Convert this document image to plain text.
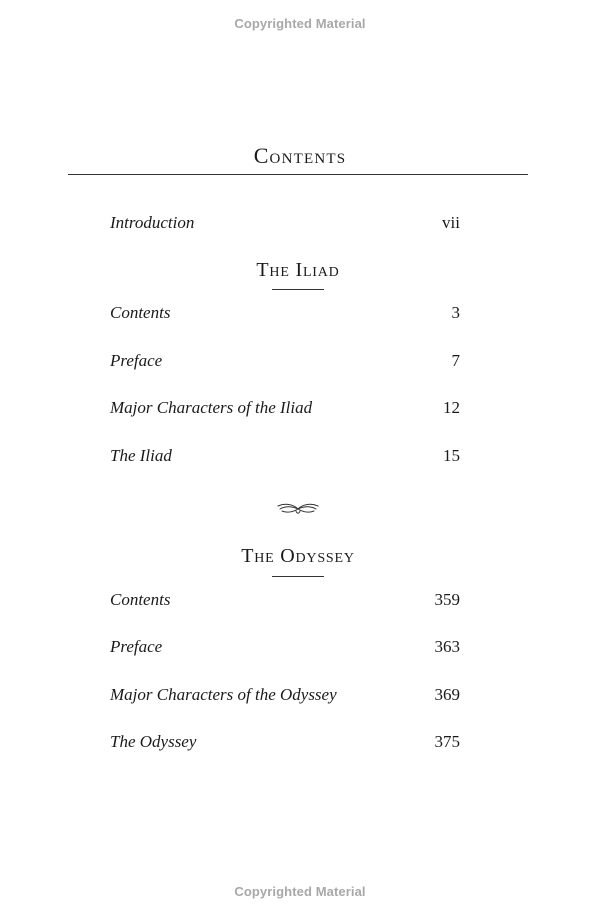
Copyrighted Material
Contents
Introduction	vii
The Iliad
Contents	3
Preface	7
Major Characters of the Iliad	12
The Iliad	15
The Odyssey
Contents	359
Preface	363
Major Characters of the Odyssey	369
The Odyssey	375
Copyrighted Material
